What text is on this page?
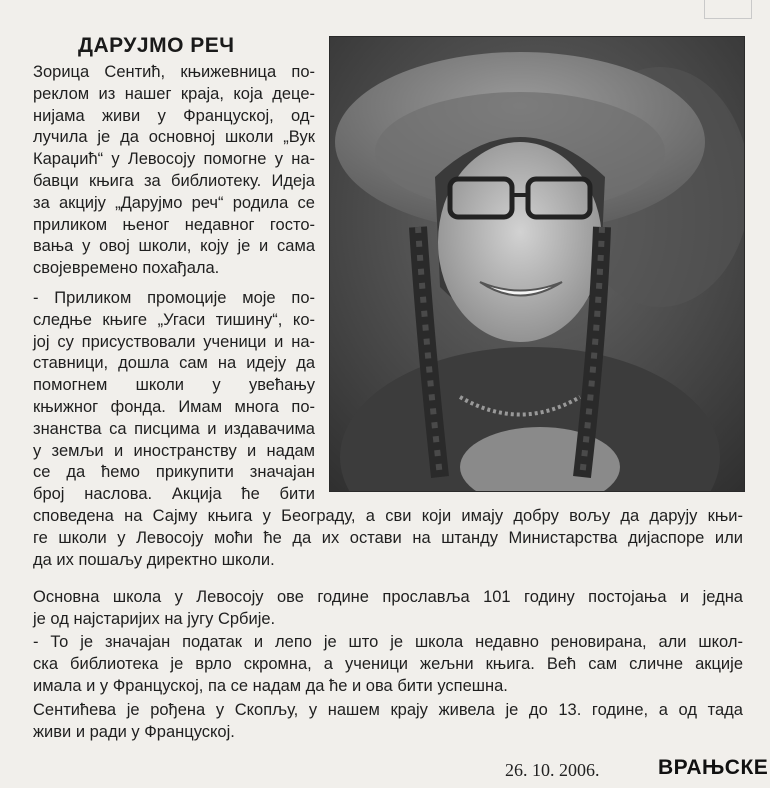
ДАРУЈМО РЕЧ

Зорица Сентић, књижевница по-
реклом из нашег краја, која деце-
нијама живи у Француској, од-
лучила је да основној школи „Вук
Караџић“ у Левосоју помогне у на-
бавци књига за библиотеку. Идеја
за акцију „Даруjмо реч“ родила се
приликом њеног недавног госто-
вања у овој школи, коју је и сама
својевремено похађала.

- Приликом промоције моје по-
следње књиге „Угаси тишину“, ко-
јој су присуствовали ученици и на-
ставници, дошла сам на идеју да
помогнем школи у увећању
књижног фонда. Имам многа по-
знанства са писцима и издавачима
у земљи и иностранству и надам
се да ћемо прикупити значајан
број наслова. Акција ће бити

споведена на Сајму књига у Београду, а сви који имају добру вољу да даруjу књи-
ге школи у Левосоју моћи ће да их остави на штанду Министарства дијаспоре или
да их пошаљу директно школи.

Основна школа у Левосоју ове године прославља 101 годину постојања и једна
је од најстаријих на југу Србије.

- То је значајан податак и лепо је што је школа недавно реновирана, али школ-
ска библиотека је врло скромна, а ученици жељни књига. Већ сам сличне акције
имала и у Француској, па се надам да ће и ова бити успешна.

Сентићева је рођена у Скопљу, у нашем крају живела је до 13. године, а од тада
живи и ради у Француској.

26. 10. 2006.	ВРАЊСКЕ
